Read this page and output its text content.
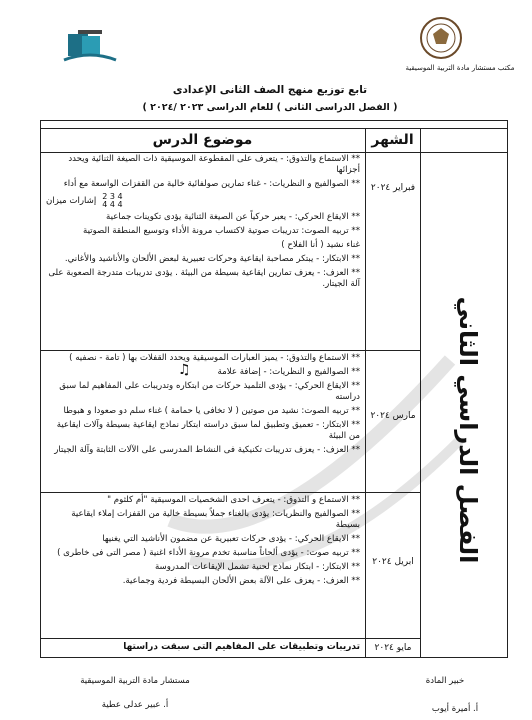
مكتب مستشار مادة التربية الموسيقية
تابع توزيع منهج الصف الثانى الإعدادى
( الفصل الدراسى الثانى ) للعام الدراسى ٢٠٢٣ /٢٠٢٤ )
موضوع الدرس	الشهر
الفصل الدراسي الثاني
فبراير ٢٠٢٤

** الاستماع والتذوق: - يتعرف على المقطوعة الموسيقية ذات الصيغة الثنائية ويحدد أجزائها

** الصوالفيج و النظريات: - غناء تمارين صولفائية خالية من القفزات الواسعة مع أداء

2 3 4
4 4 4
إشارات ميزان

** الايقاع الحركي: - يعبر حركياً عن الصيغة الثنائية يؤدى تكوينات جماعية

** تربيه الصوت: تدريبات صوتية لاكتساب مرونة الأداء وتوسيع المنطقة الصوتية

غناء نشيد ( أنا الفلاح )

** الابتكار: - يبتكر مصاحبة ايقاعية وحركات تعبيرية لبعض الألحان والأناشيد والأغاني.

** العزف: - يعزف تمارين ايقاعية بسيطة من البيئة . يؤدى تدريبات متدرجة الصعوبة على آلة الجيتار.

مارس ٢٠٢٤
♫

** الاستماع والتذوق: - يميز العبارات الموسيقية ويحدد القفلات بها ( تامة - نصفيه )

** الصوالفيج و النظريات: - إضافة علامة

** الايقاع الحركي: - يؤدى التلميذ حركات من ابتكاره وتدريبات على المفاهيم لما سبق دراسته

** تربيه الصوت: نشيد من صوتين ( لا تخافى يا حمامة ) غناء سلم دو صعودا و هبوطا

** الابتكار: - تعميق وتطبيق لما سبق دراسته ابتكار نماذج ايقاعية بسيطة وآلات ايقاعية من البيئة

** العزف: - يعزف تدريبات تكنيكية فى النشاط المدرسى على الآلات الثابتة وآلة الجيتار

ابريل ٢٠٢٤

** الاستماع و التذوق: - يتعرف احدى الشخصيات الموسيقية "أم كلثوم "

** الصوالفيج والنظريات: يؤدى بالغناء جملاً بسيطة خالية من القفزات إملاء ايقاعية بسيطة

** الايقاع الحركي: - يؤدى حركات تعبيرية عن مضمون الأناشيد التي يغنيها

** تربيه صوت: - يؤدى ألحاناً مناسبة تخدم مرونة الأداء اغنية ( مصر التى فى خاطرى )

** الابتكار: - ابتكار نماذج لحنية تشمل الإيقاعات المدروسة

** العزف: - يعزف على الآلة بعض الألحان البسيطة فردية وجماعية.

مايو ٢٠٢٤

تدريبات وتطبيقات على المفاهيم التى سبقت دراستها

مستشار مادة التربية الموسيقية	خبير المادة
أ. عبير عدلى عطية	أ. أميرة أيوب
